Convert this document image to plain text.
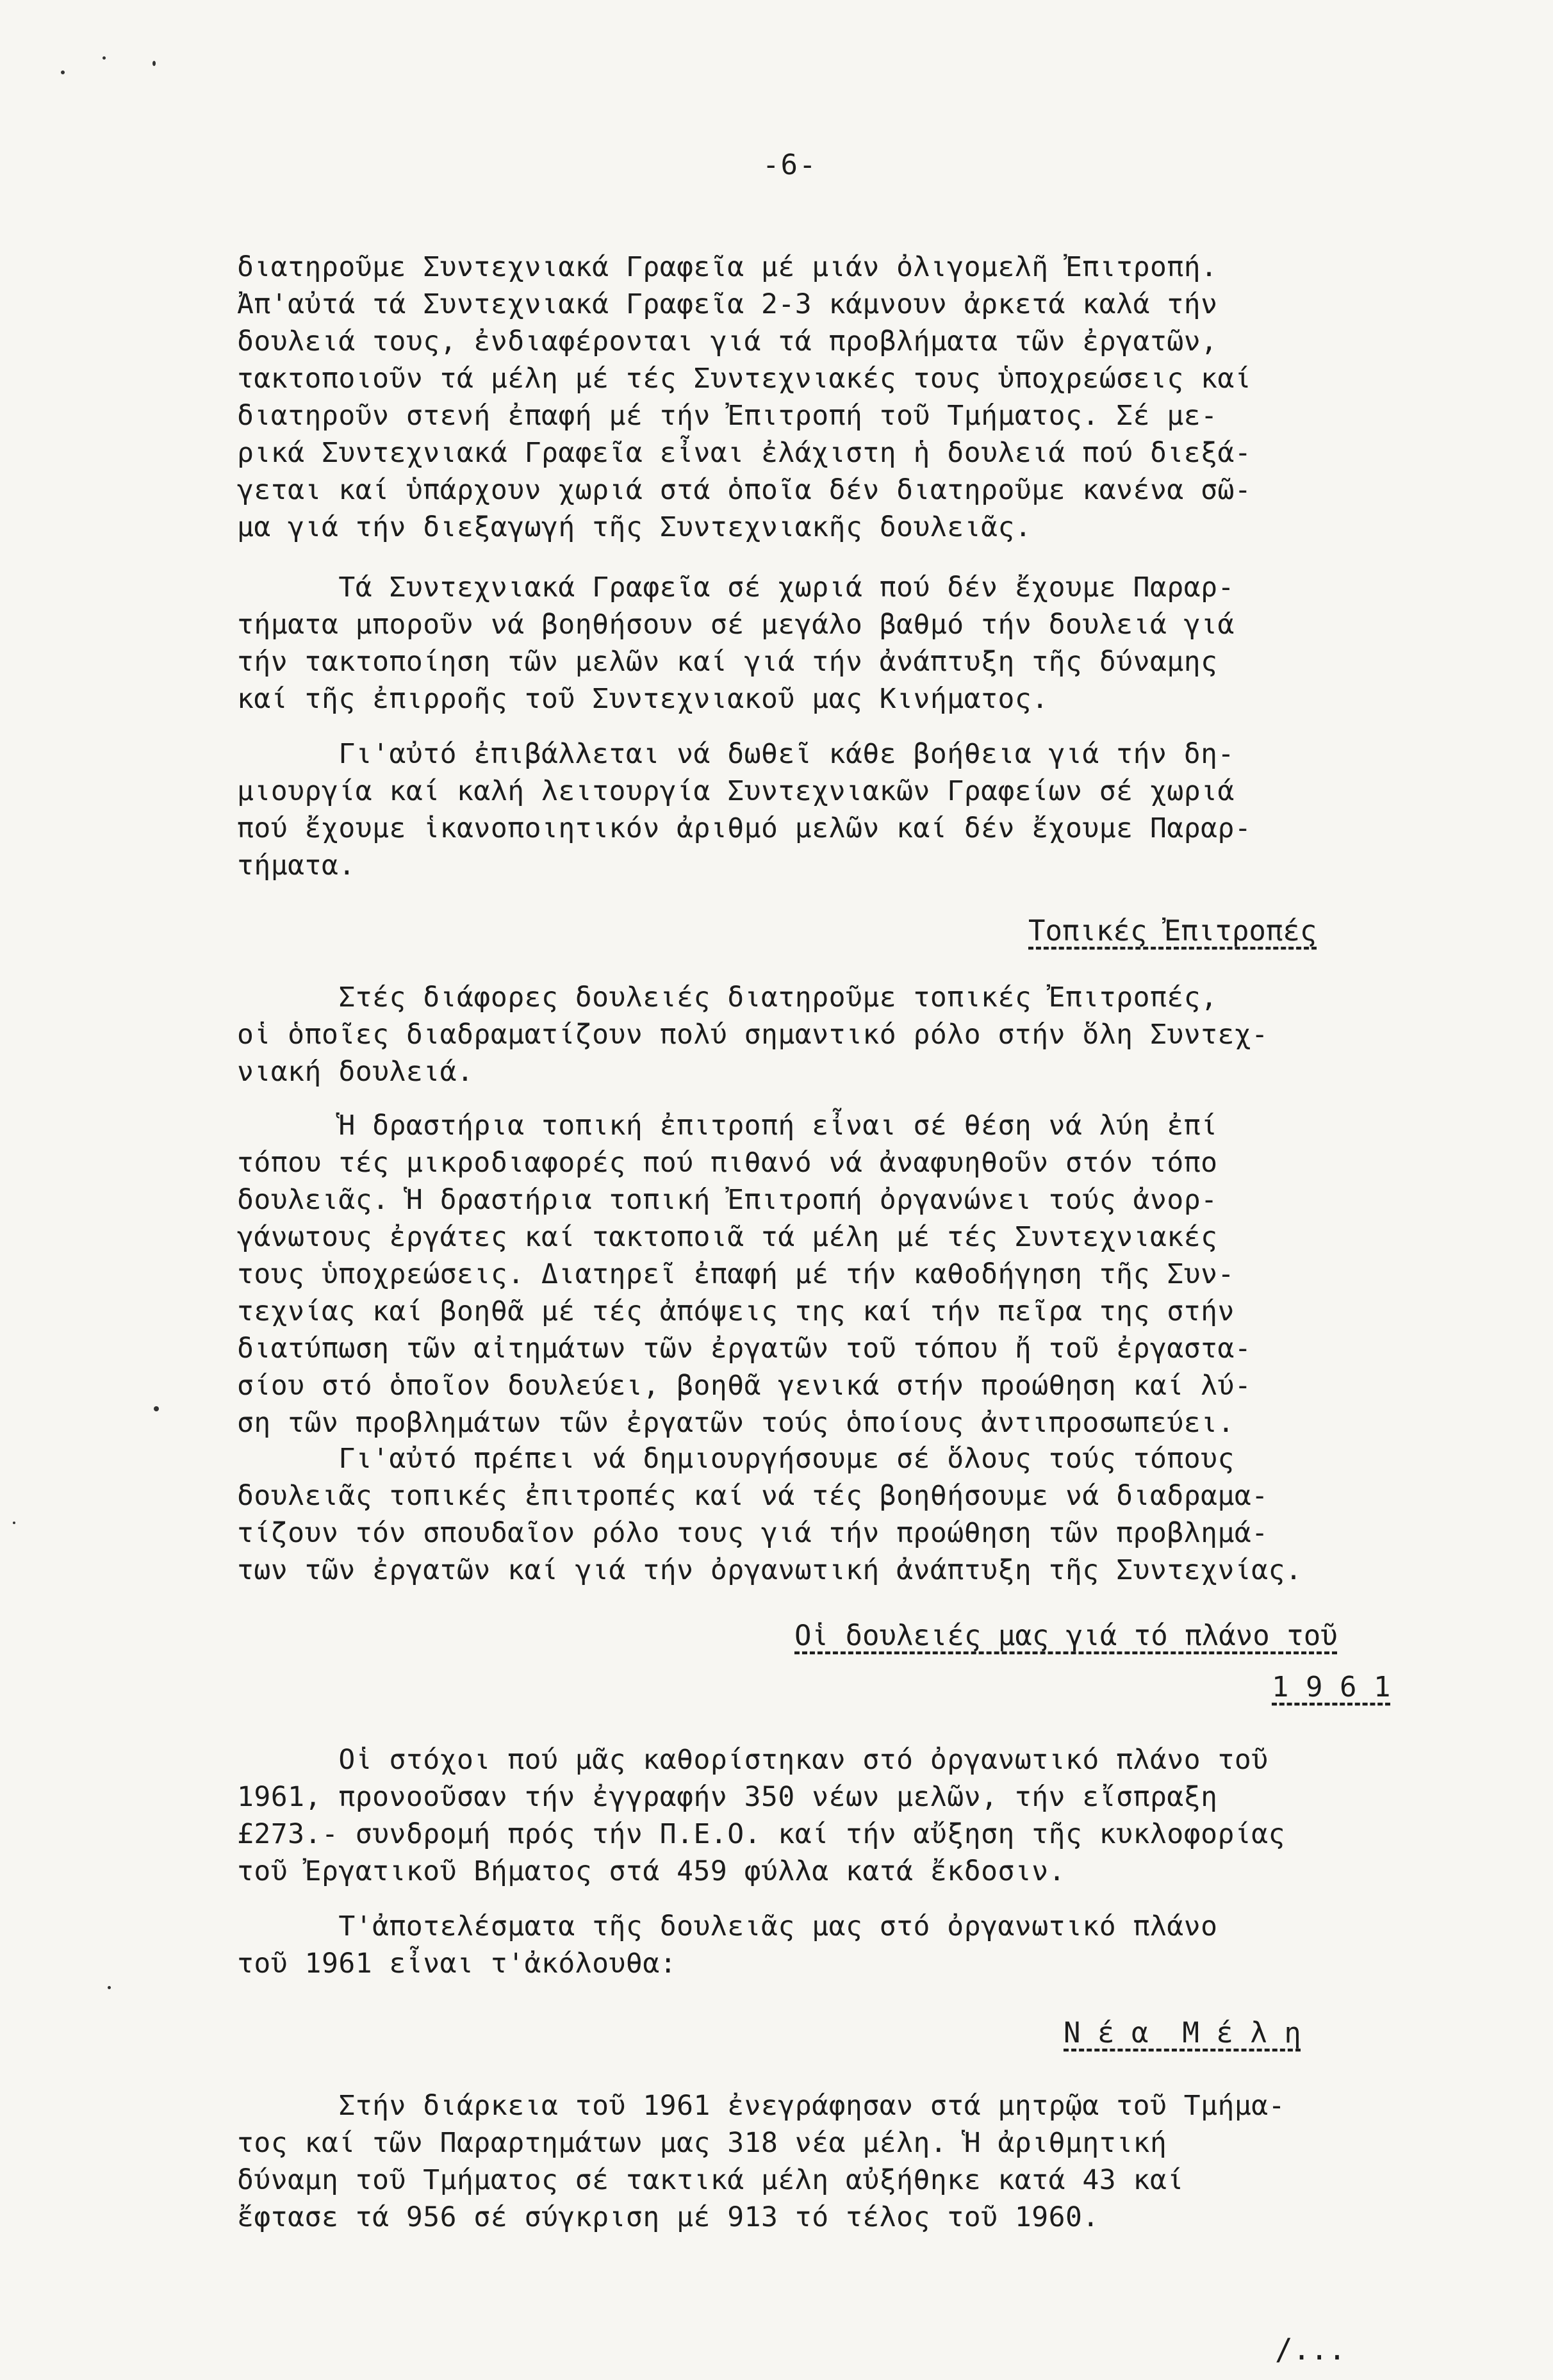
-6-
διατηροῦμε Συντεχνιακά Γραφεῖα μέ μιάν ὀλιγομελῆ Ἐπιτροπή.
Ἀπ'αὐτά τά Συντεχνιακά Γραφεῖα 2-3 κάμνουν ἀρκετά καλά τήν
δουλειά τους, ἐνδιαφέρονται γιά τά προβλήματα τῶν ἐργατῶν,
τακτοποιοῦν τά μέλη μέ τές Συντεχνιακές τους ὑποχρεώσεις καί
διατηροῦν στενή ἐπαφή μέ τήν Ἐπιτροπή τοῦ Τμήματος. Σέ με-
ρικά Συντεχνιακά Γραφεῖα εἶναι ἐλάχιστη ἡ δουλειά πού διεξά-
γεται καί ὑπάρχουν χωριά στά ὁποῖα δέν διατηροῦμε κανένα σῶ-
μα γιά τήν διεξαγωγή τῆς Συντεχνιακῆς δουλειᾶς.
Τά Συντεχνιακά Γραφεῖα σέ χωριά πού δέν ἔχουμε Παραρ-
τήματα μποροῦν νά βοηθήσουν σέ μεγάλο βαθμό τήν δουλειά γιά
τήν τακτοποίηση τῶν μελῶν καί γιά τήν ἀνάπτυξη τῆς δύναμης
καί τῆς ἐπιρροῆς τοῦ Συντεχνιακοῦ μας Κινήματος.
Γι'αὐτό ἐπιβάλλεται νά δωθεῖ κάθε βοήθεια γιά τήν δη-
μιουργία καί καλή λειτουργία Συντεχνιακῶν Γραφείων σέ χωριά
πού ἔχουμε ἱκανοποιητικόν ἀριθμό μελῶν καί δέν ἔχουμε Παραρ-
τήματα.
Τοπικές Ἐπιτροπές
Στές διάφορες δουλειές διατηροῦμε τοπικές Ἐπιτροπές,
οἱ ὁποῖες διαδραματίζουν πολύ σημαντικό ρόλο στήν ὅλη Συντεχ-
νιακή δουλειά.
Ἡ δραστήρια τοπική ἐπιτροπή εἶναι σέ θέση νά λύη ἐπί
τόπου τές μικροδιαφορές πού πιθανό νά ἀναφυηθοῦν στόν τόπο
δουλειᾶς. Ἡ δραστήρια τοπική Ἐπιτροπή ὀργανώνει τούς ἀνορ-
γάνωτους ἐργάτες καί τακτοποιᾶ τά μέλη μέ τές Συντεχνιακές
τους ὑποχρεώσεις. Διατηρεῖ ἐπαφή μέ τήν καθοδήγηση τῆς Συν-
τεχνίας καί βοηθᾶ μέ τές ἀπόψεις της καί τήν πεῖρα της στήν
διατύπωση τῶν αἰτημάτων τῶν ἐργατῶν τοῦ τόπου ἤ τοῦ ἐργαστα-
σίου στό ὁποῖον δουλεύει, βοηθᾶ γενικά στήν προώθηση καί λύ-
ση τῶν προβλημάτων τῶν ἐργατῶν τούς ὁποίους ἀντιπροσωπεύει.
Γι'αὐτό πρέπει νά δημιουργήσουμε σέ ὅλους τούς τόπους
δουλειᾶς τοπικές ἐπιτροπές καί νά τές βοηθήσουμε νά διαδραμα-
τίζουν τόν σπουδαῖον ρόλο τους γιά τήν προώθηση τῶν προβλημά-
των τῶν ἐργατῶν καί γιά τήν ὀργανωτική ἀνάπτυξη τῆς Συντεχνίας.
Οἱ δουλειές μας γιά τό πλάνο τοῦ
1 9 6 1
Οἱ στόχοι πού μᾶς καθορίστηκαν στό ὀργανωτικό πλάνο τοῦ
1961, προνοοῦσαν τήν ἐγγραφήν 350 νέων μελῶν, τήν εἴσπραξη
£273.- συνδρομή πρός τήν Π.Ε.Ο. καί τήν αὔξηση τῆς κυκλοφορίας
τοῦ Ἐργατικοῦ Βήματος στά 459 φύλλα κατά ἔκδοσιν.
Τ'ἀποτελέσματα τῆς δουλειᾶς μας στό ὀργανωτικό πλάνο
τοῦ 1961 εἶναι τ'ἀκόλουθα:
Ν έ α  Μ έ λ η
Στήν διάρκεια τοῦ 1961 ἐνεγράφησαν στά μητρῷα τοῦ Τμήμα-
τος καί τῶν Παραρτημάτων μας 318 νέα μέλη. Ἡ ἀριθμητική
δύναμη τοῦ Τμήματος σέ τακτικά μέλη αὐξήθηκε κατά 43 καί
ἔφτασε τά 956 σέ σύγκριση μέ 913 τό τέλος τοῦ 1960.
/...
